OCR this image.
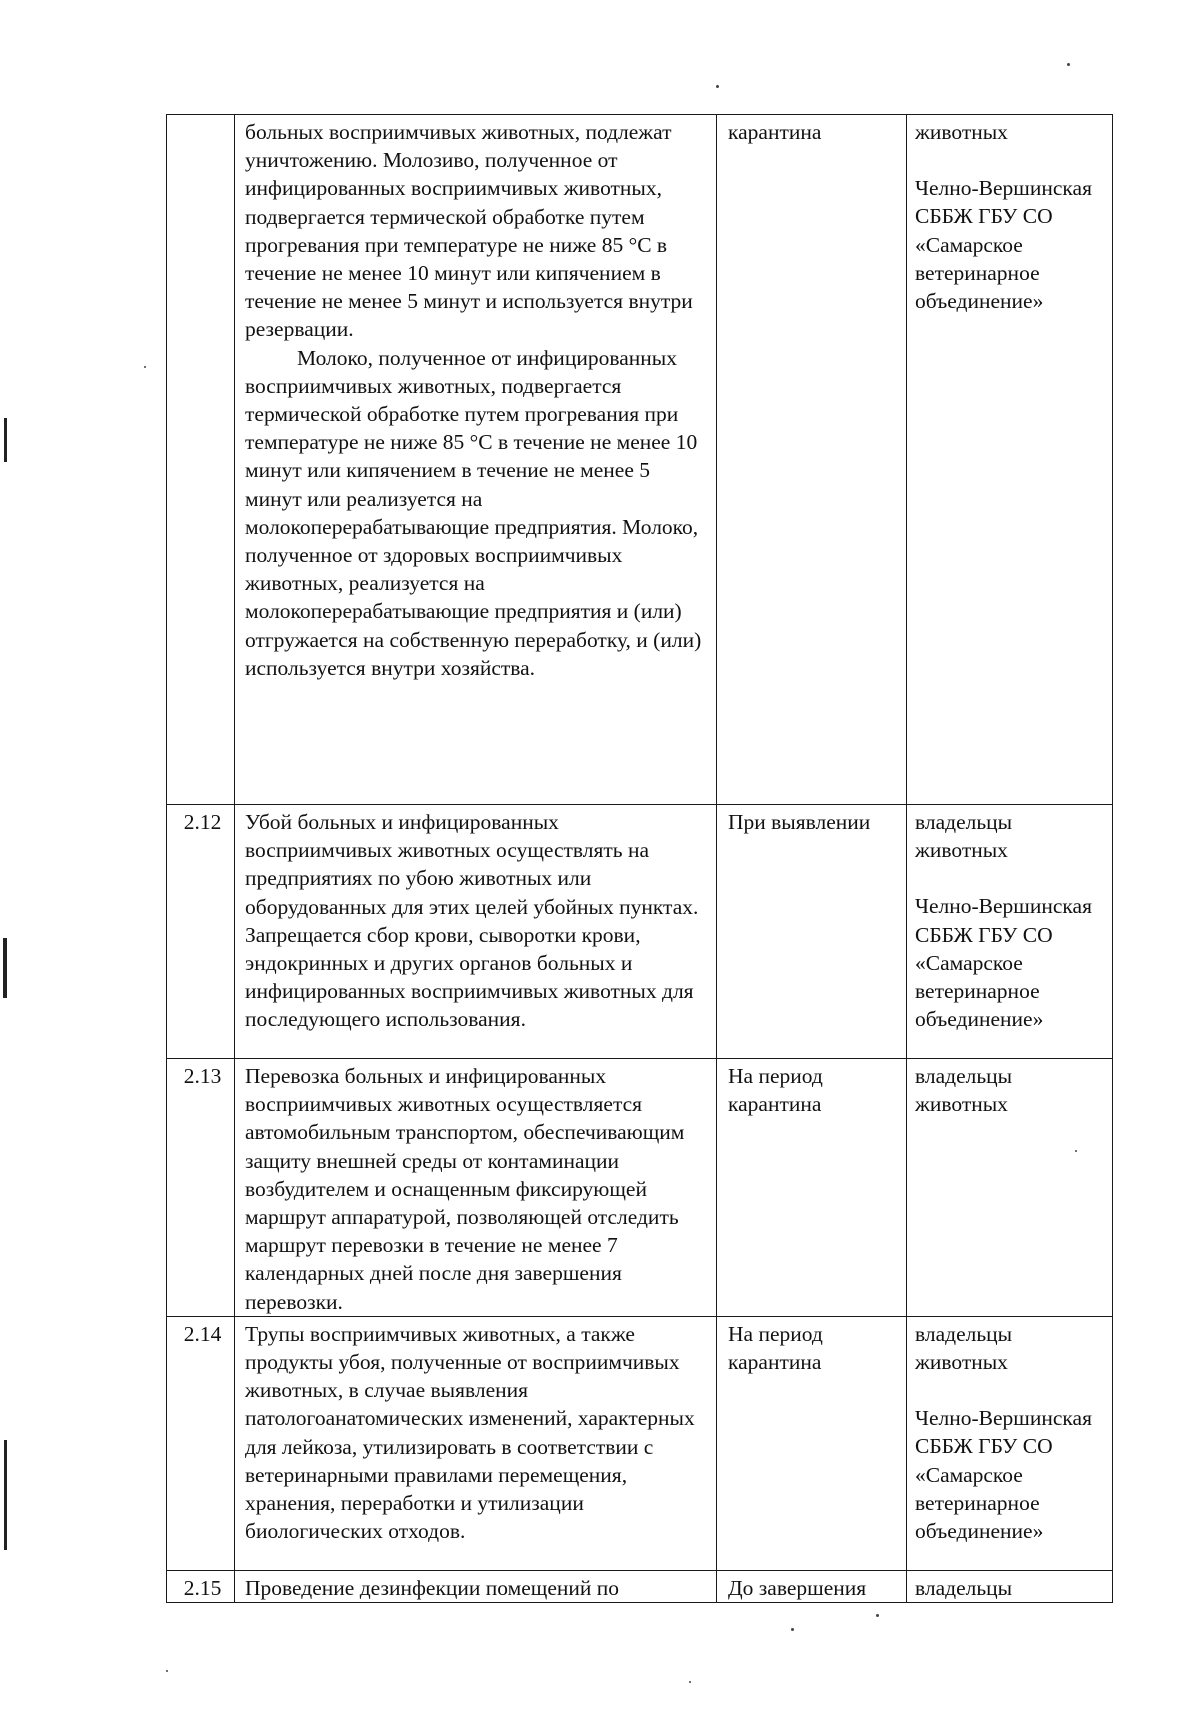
	больных восприимчивых животных, подлежат уничтожению. Молозиво, полученное от инфицированных восприимчивых животных, подвергается термической обработке путем прогревания при температуре не ниже 85 °С в течение не менее 10 минут или кипячением в течение не менее 5 минут и используется внутри резервации.
Молоко, полученное от инфицированных восприимчивых животных, подвергается термической обработке путем прогревания при температуре не ниже 85 °С в течение не менее 10 минут или кипячением в течение не менее 5 минут или реализуется на молокоперерабатывающие предприятия. Молоко, полученное от здоровых восприимчивых животных, реализуется на молокоперерабатывающие предприятия и (или) отгружается на собственную переработку, и (или) используется внутри хозяйства.	карантина	животных
Челно-Вершинская СББЖ ГБУ СО «Самарское ветеринарное объединение»

2.12	Убой больных и инфицированных восприимчивых животных осуществлять на предприятиях по убою животных или оборудованных для этих целей убойных пунктах. Запрещается сбор крови, сыворотки крови, эндокринных и других органов больных и инфицированных восприимчивых животных для последующего использования.	При выявлении	владельцы животных
Челно-Вершинская СББЖ ГБУ СО «Самарское ветеринарное объединение»

2.13	Перевозка больных и инфицированных восприимчивых животных осуществляется автомобильным транспортом, обеспечивающим защиту внешней среды от контаминации возбудителем и оснащенным фиксирующей маршрут аппаратурой, позволяющей отследить маршрут перевозки в течение не менее 7 календарных дней после дня завершения перевозки.	На период карантина	владельцы животных

2.14	Трупы восприимчивых животных, а также продукты убоя, полученные от восприимчивых животных, в случае выявления патологоанатомических изменений, характерных для лейкоза, утилизировать в соответствии с ветеринарными правилами перемещения, хранения, переработки и утилизации биологических отходов.	На период карантина	владельцы животных
Челно-Вершинская СББЖ ГБУ СО «Самарское ветеринарное объединение»

2.15	Проведение дезинфекции помещений по	До завершения	владельцы
